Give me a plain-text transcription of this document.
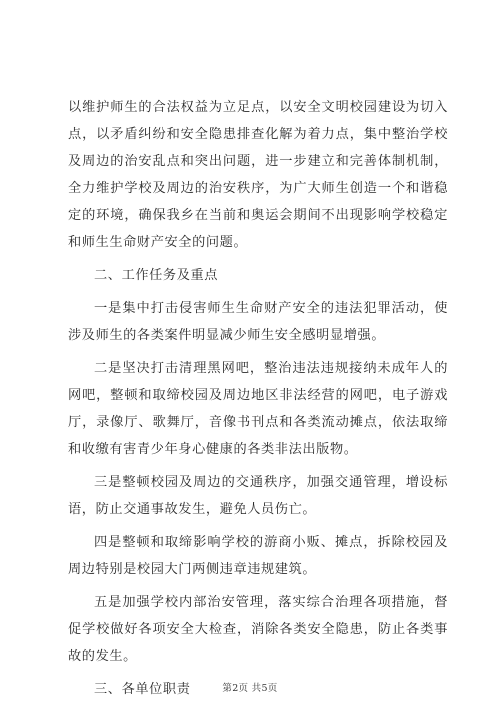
以维护师生的合法权益为立足点，以安全文明校园建设为切入点，以矛盾纠纷和安全隐患排查化解为着力点，集中整治学校及周边的治安乱点和突出问题，进一步建立和完善体制机制，全力维护学校及周边的治安秩序，为广大师生创造一个和谐稳定的环境，确保我乡在当前和奥运会期间不出现影响学校稳定和师生生命财产安全的问题。

二、工作任务及重点

一是集中打击侵害师生生命财产安全的违法犯罪活动，使涉及师生的各类案件明显减少师生安全感明显增强。

二是坚决打击清理黑网吧，整治违法违规接纳未成年人的网吧，整顿和取缔校园及周边地区非法经营的网吧，电子游戏厅，录像厅、歌舞厅，音像书刊点和各类流动摊点，依法取缔和收缴有害青少年身心健康的各类非法出版物。

三是整顿校园及周边的交通秩序，加强交通管理，增设标语，防止交通事故发生，避免人员伤亡。

四是整顿和取缔影响学校的游商小贩、摊点，拆除校园及周边特别是校园大门两侧违章违规建筑。

五是加强学校内部治安管理，落实综合治理各项措施，督促学校做好各项安全大检查，消除各类安全隐患，防止各类事故的发生。

三、各单位职责	第2页 共5页
